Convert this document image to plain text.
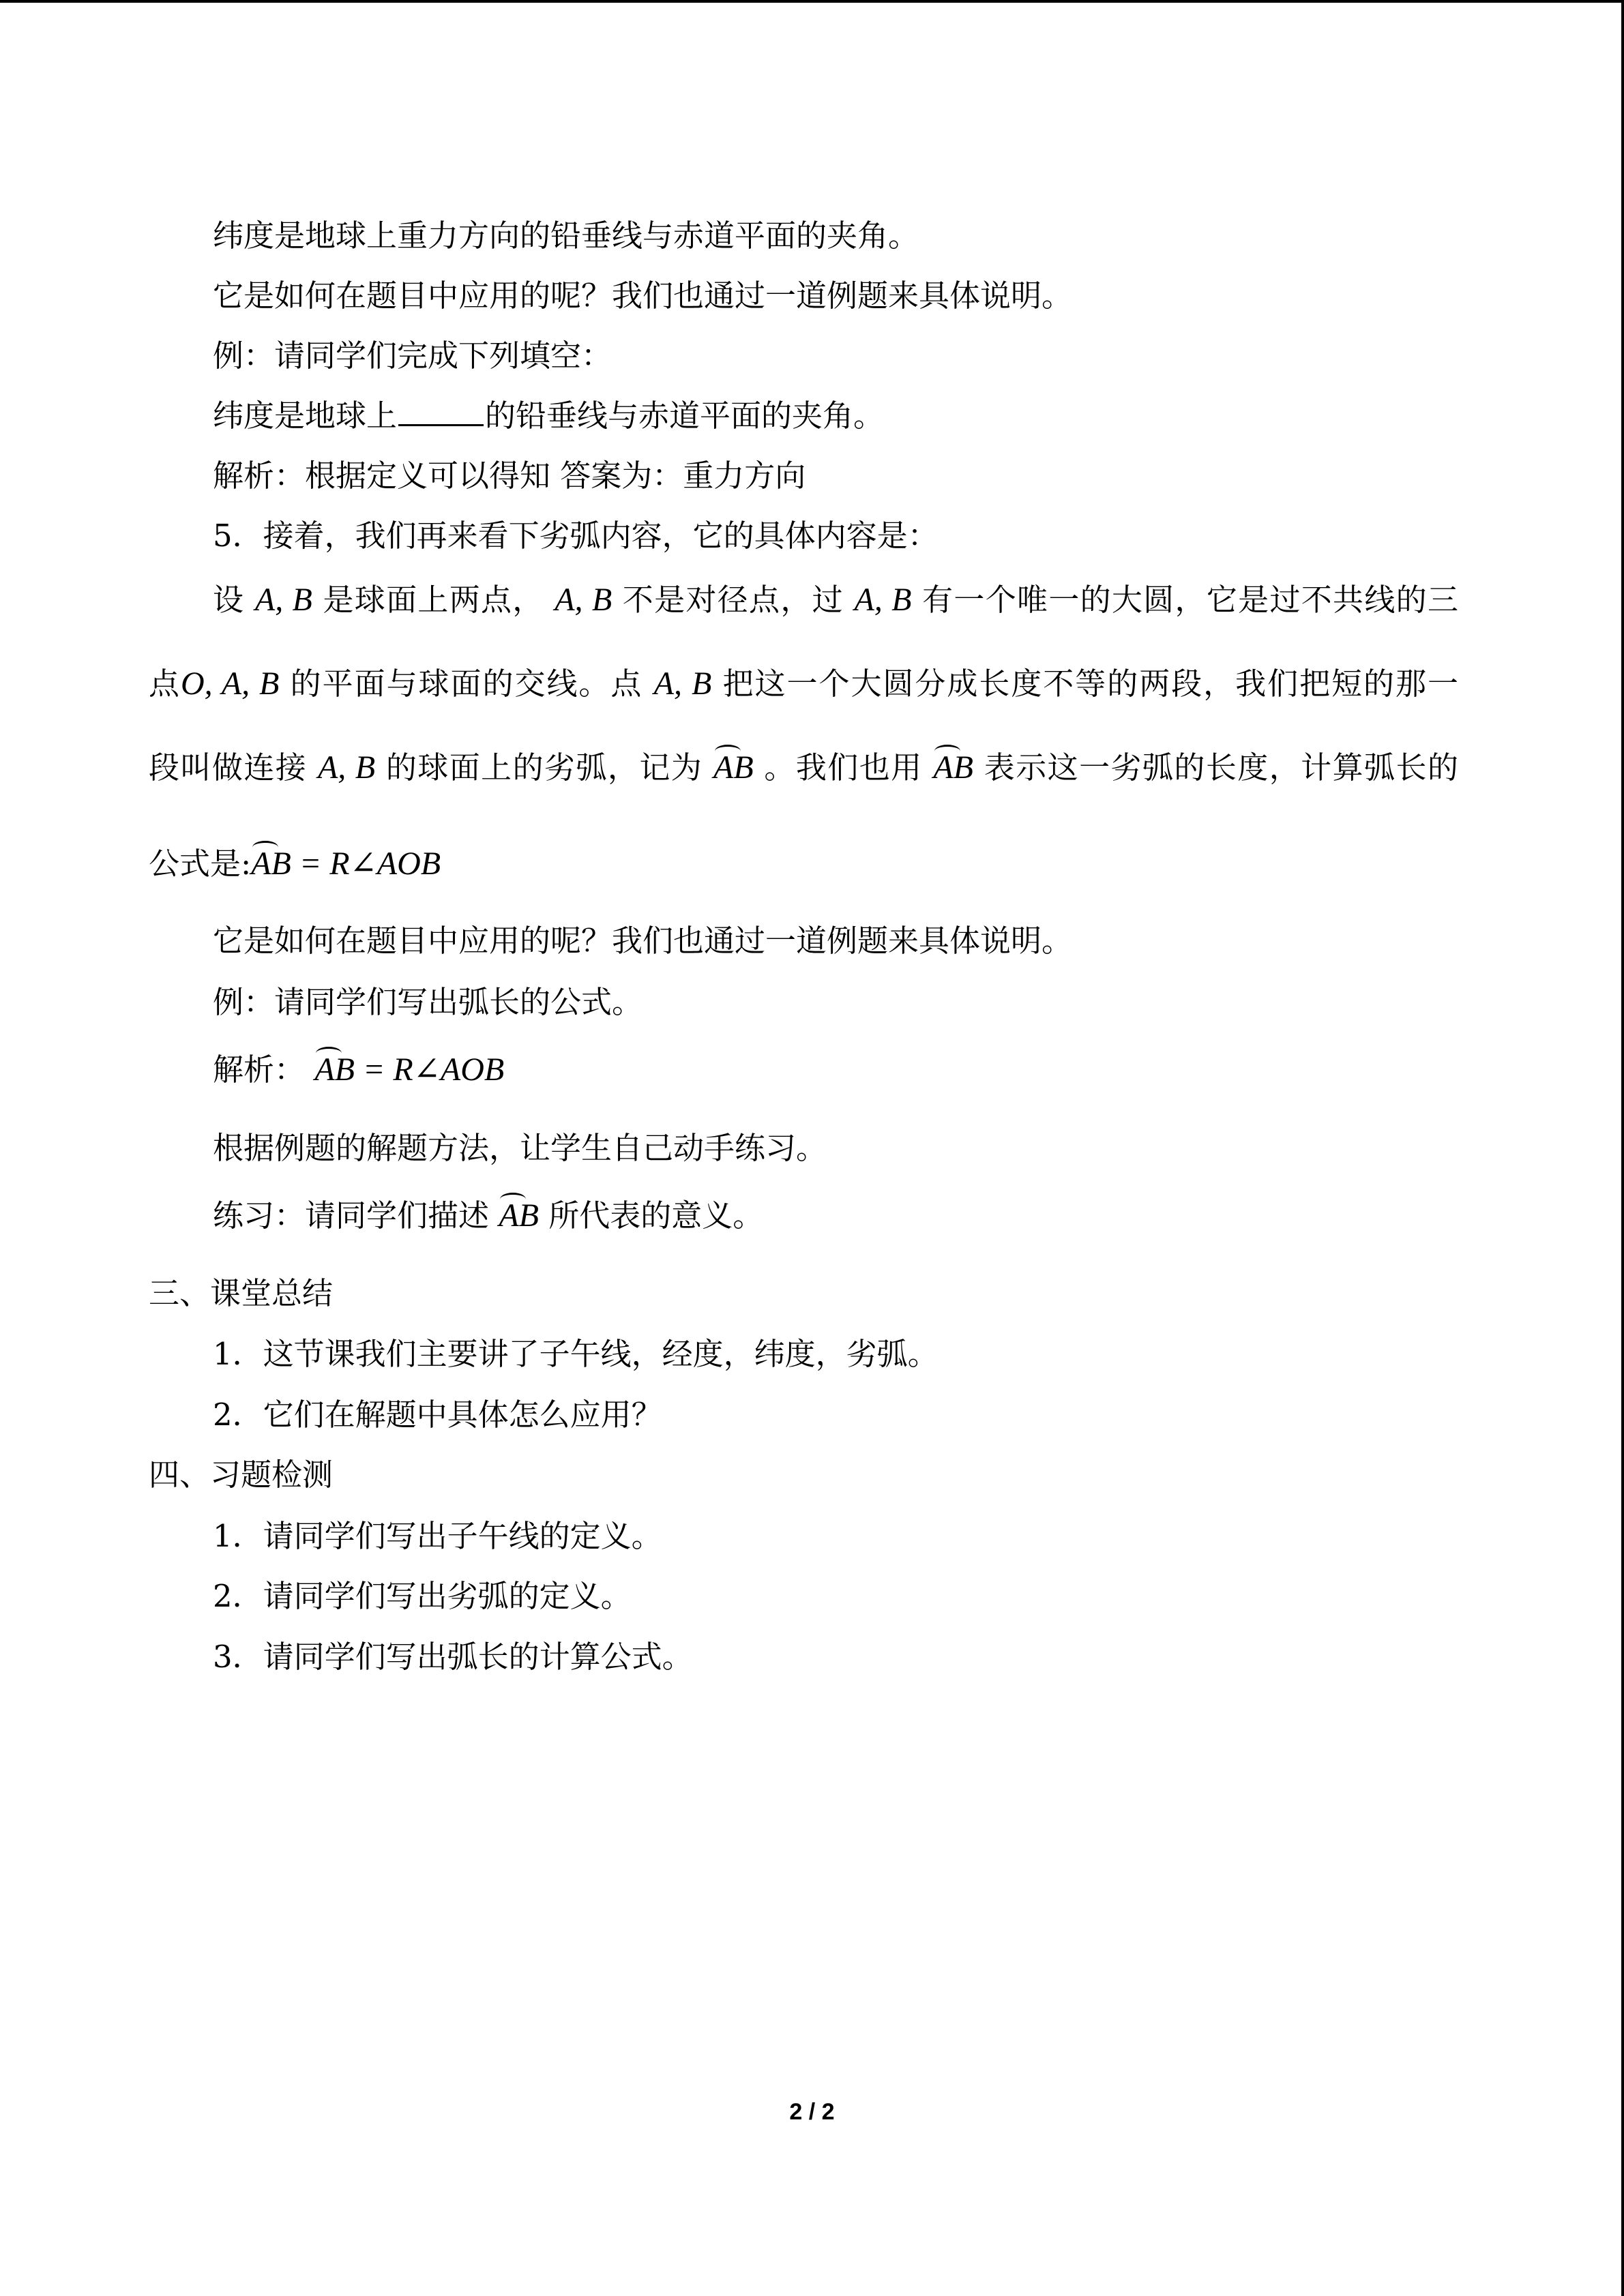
纬度是地球上重力方向的铅垂线与赤道平面的夹角。
它是如何在题目中应用的呢？我们也通过一道例题来具体说明。
例：请同学们完成下列填空：
纬度是地球上	的铅垂线与赤道平面的夹角。
解析：根据定义可以得知 答案为：重力方向
5．接着，我们再来看下劣弧内容，它的具体内容是：
设 A, B 是球面上两点， A, B 不是对径点，过 A, B 有一个唯一的大圆，它是过不共线的三
点O, A, B 的平面与球面的交线。点 A, B 把这一个大圆分成长度不等的两段，我们把短的那一
段叫做连接 A, B 的球面上的劣弧，记为 AB 。我们也用 AB 表示这一劣弧的长度，计算弧长的
公式是:AB = R∠AOB
它是如何在题目中应用的呢？我们也通过一道例题来具体说明。
例：请同学们写出弧长的公式。
解析： AB = R∠AOB
根据例题的解题方法，让学生自己动手练习。
练习：请同学们描述 AB 所代表的意义。
三、课堂总结
1．这节课我们主要讲了子午线，经度，纬度，劣弧。
2．它们在解题中具体怎么应用？
四、习题检测
1．请同学们写出子午线的定义。
2．请同学们写出劣弧的定义。
3．请同学们写出弧长的计算公式。
2 / 2
